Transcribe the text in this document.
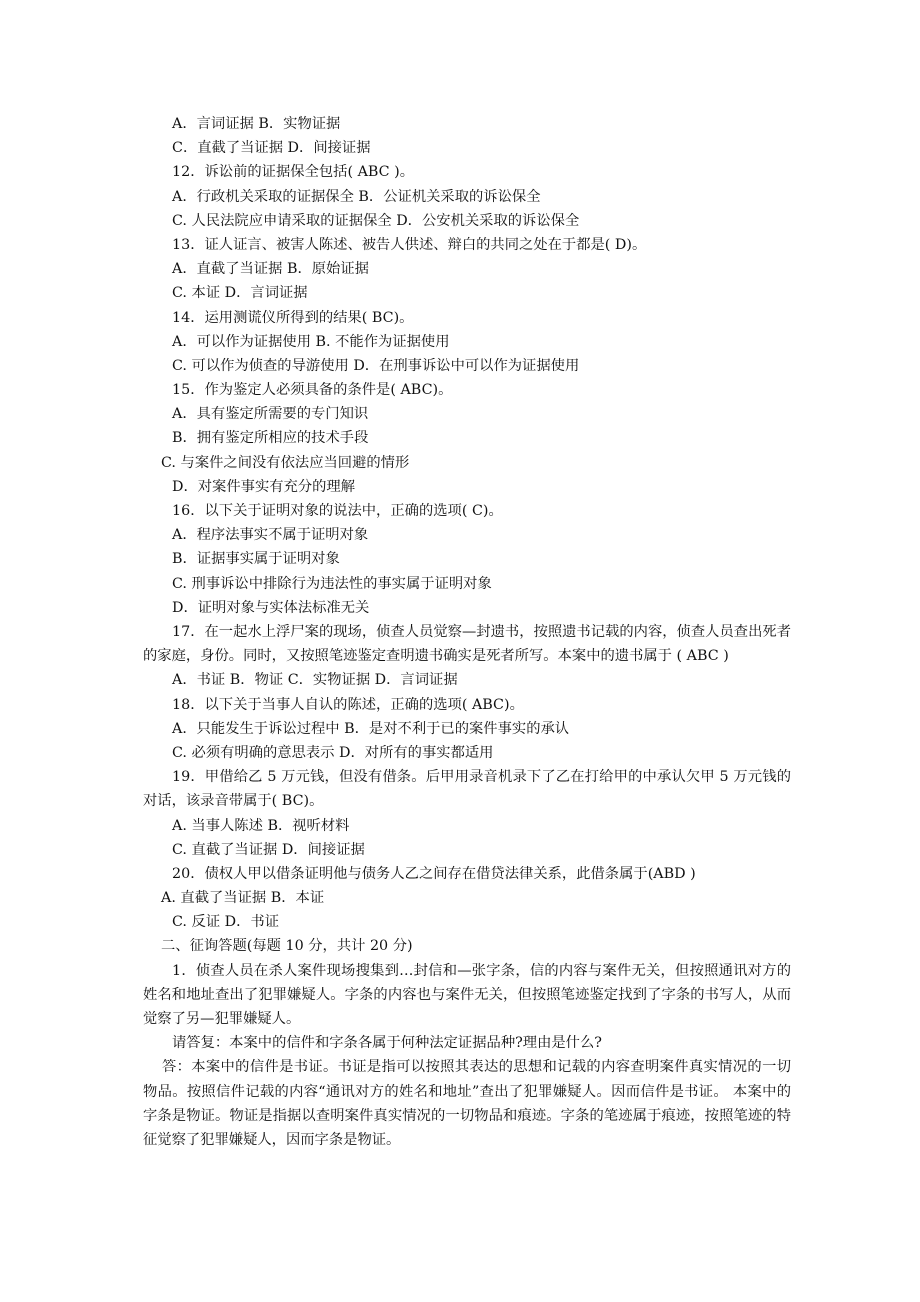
A．言词证据 B．实物证据
C．直截了当证据 D．间接证据
12．诉讼前的证据保全包括( ABC )。
A．行政机关采取的证据保全 B．公证机关采取的诉讼保全
C. 人民法院应申请采取的证据保全 D．公安机关采取的诉讼保全
13．证人证言、被害人陈述、被告人供述、辩白的共同之处在于都是( D)。
A．直截了当证据 B．原始证据
C. 本证 D．言词证据
14．运用测谎仪所得到的结果( BC)。
A．可以作为证据使用 B. 不能作为证据使用
C. 可以作为侦查的导游使用 D．在刑事诉讼中可以作为证据使用
15．作为鉴定人必须具备的条件是( ABC)。
A．具有鉴定所需要的专门知识
B．拥有鉴定所相应的技术手段
C. 与案件之间没有依法应当回避的情形
D．对案件事实有充分的理解
16．以下关于证明对象的说法中，正确的选项( C)。
A．程序法事实不属于证明对象
B．证据事实属于证明对象
C. 刑事诉讼中排除行为违法性的事实属于证明对象
D．证明对象与实体法标准无关
17．在一起水上浮尸案的现场，侦查人员觉察—封遗书，按照遗书记载的内容，侦查人员查出死者的家庭，身份。同时，又按照笔迹鉴定查明遗书确实是死者所写。本案中的遗书属于 ( ABC )
A．书证 B．物证 C．实物证据 D．言词证据
18．以下关于当事人自认的陈述，正确的选项( ABC)。
A．只能发生于诉讼过程中 B．是对不利于已的案件事实的承认
C. 必须有明确的意思表示 D．对所有的事实都适用
19．甲借给乙 5 万元钱，但没有借条。后甲用录音机录下了乙在打给甲的中承认欠甲 5 万元钱的对话，该录音带属于( BC)。
A. 当事人陈述 B．视听材料
C. 直截了当证据 D．间接证据
20．债权人甲以借条证明他与债务人乙之间存在借贷法律关系，此借条属于(ABD )
A. 直截了当证据 B．本证
C. 反证 D．书证
二、征询答题(每题 10 分，共计 20 分)
1．侦查人员在杀人案件现场搜集到…封信和—张字条，信的内容与案件无关，但按照通讯对方的姓名和地址查出了犯罪嫌疑人。字条的内容也与案件无关，但按照笔迹鉴定找到了字条的书写人，从而觉察了另—犯罪嫌疑人。
请答复：本案中的信件和字条各属于何种法定证据品种?理由是什么?
答：本案中的信件是书证。书证是指可以按照其表达的思想和记载的内容查明案件真实情况的一切物品。按照信件记载的内容“通讯对方的姓名和地址”查出了犯罪嫌疑人。因而信件是书证。 本案中的字条是物证。物证是指据以查明案件真实情况的一切物品和痕迹。字条的笔迹属于痕迹，按照笔迹的特征觉察了犯罪嫌疑人，因而字条是物证。
